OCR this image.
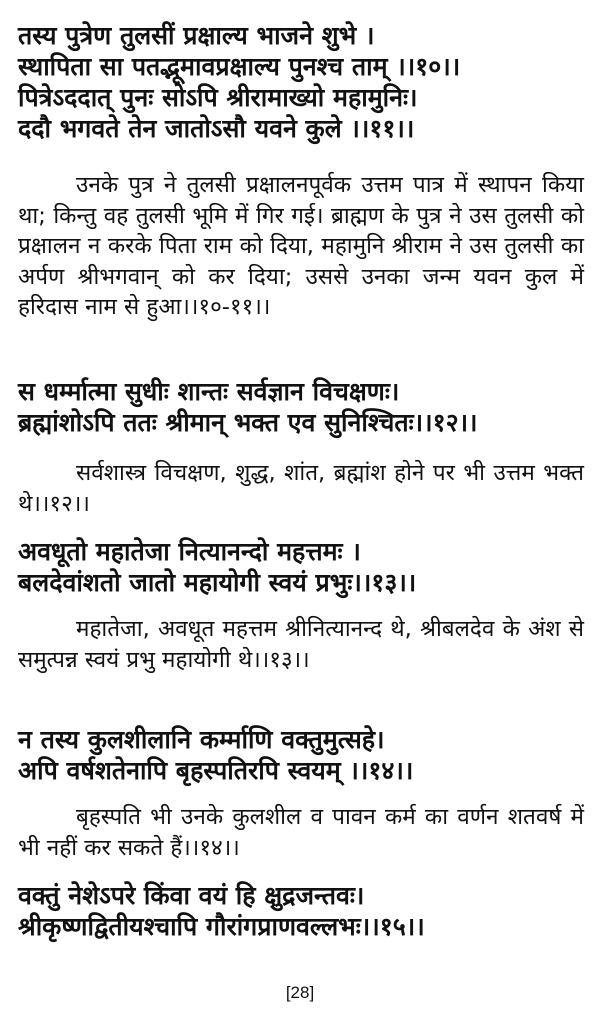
तस्य पुत्रेण तुलसीं प्रक्षाल्य भाजने शुभे ।
स्थापिता सा पतद्भूमावप्रक्षाल्य पुनश्च ताम् ।।१०।।
पित्रेऽददात् पुनः सोऽपि श्रीरामाख्यो महामुनिः।
ददौ भगवते तेन जातोऽसौ यवने कुले ।।११।।
उनके पुत्र ने तुलसी प्रक्षालनपूर्वक उत्तम पात्र में स्थापन किया था; किन्तु वह तुलसी भूमि में गिर गई। ब्राह्मण के पुत्र ने उस तुलसी को प्रक्षालन न करके पिता राम को दिया, महामुनि श्रीराम ने उस तुलसी का अर्पण श्रीभगवान् को कर दिया; उससे उनका जन्म यवन कुल में हरिदास नाम से हुआ।।१०-११।।
स धर्म्मात्मा सुधीः शान्तः सर्वज्ञान विचक्षणः।
ब्रह्मांशोऽपि ततः श्रीमान् भक्त एव सुनिश्चितः।।१२।।
सर्वशास्त्र विचक्षण, शुद्ध, शांत, ब्रह्मांश होने पर भी उत्तम भक्त थे।।१२।।
अवधूतो महातेजा नित्यानन्दो महत्तमः ।
बलदेवांशतो जातो महायोगी स्वयं प्रभुः।।१३।।
महातेजा, अवधूत महत्तम श्रीनित्यानन्द थे, श्रीबलदेव के अंश से समुत्पन्न स्वयं प्रभु महायोगी थे।।१३।।
न तस्य कुलशीलानि कर्म्माणि वक्तुमुत्सहे।
अपि वर्षशतेनापि बृहस्पतिरपि स्वयम् ।।१४।।
बृहस्पति भी उनके कुलशील व पावन कर्म का वर्णन शतवर्ष में भी नहीं कर सकते हैं।।१४।।
वक्तुं नेशेऽपरे किंवा वयं हि क्षुद्रजन्तवः।
श्रीकृष्णद्वितीयश्चापि गौरांगप्राणवल्लभः।।१५।।
[28]
